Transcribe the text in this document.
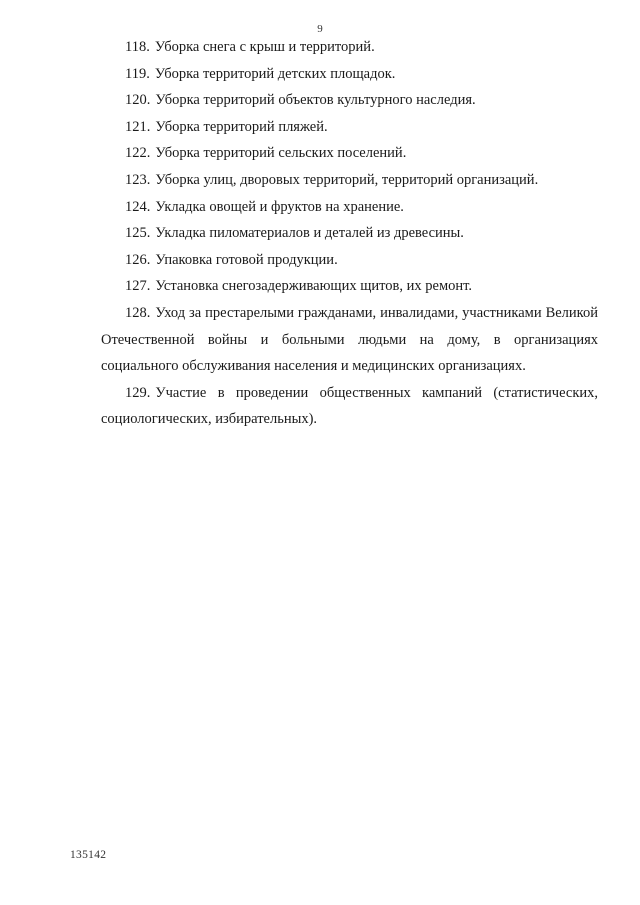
9
118. Уборка снега с крыш и территорий.
119. Уборка территорий детских площадок.
120. Уборка территорий объектов культурного наследия.
121. Уборка территорий пляжей.
122. Уборка территорий сельских поселений.
123. Уборка улиц, дворовых территорий, территорий организаций.
124. Укладка овощей и фруктов на хранение.
125. Укладка пиломатериалов и деталей из древесины.
126. Упаковка готовой продукции.
127. Установка снегозадерживающих щитов, их ремонт.
128. Уход за престарелыми гражданами, инвалидами, участниками Великой Отечественной войны и больными людьми на дому, в организациях социального обслуживания населения и медицинских организациях.
129. Участие в проведении общественных кампаний (статистических, социологических, избирательных).
135142
